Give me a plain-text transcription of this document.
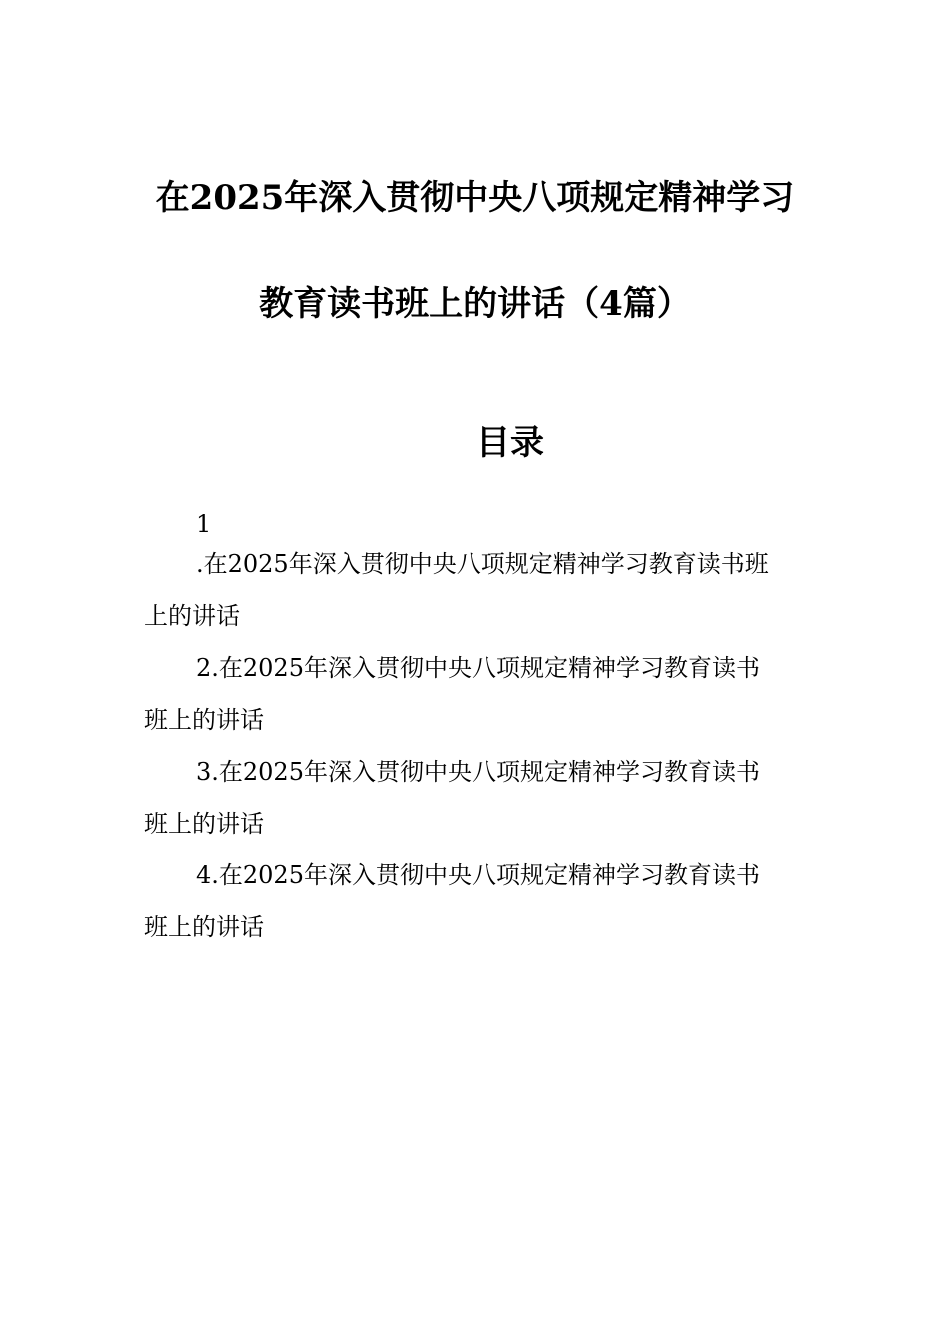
在2025年深入贯彻中央八项规定精神学习
教育读书班上的讲话（4篇）
目录
1
.在2025年深入贯彻中央八项规定精神学习教育读书班
上的讲话
2.在2025年深入贯彻中央八项规定精神学习教育读书
班上的讲话
3.在2025年深入贯彻中央八项规定精神学习教育读书
班上的讲话
4.在2025年深入贯彻中央八项规定精神学习教育读书
班上的讲话
